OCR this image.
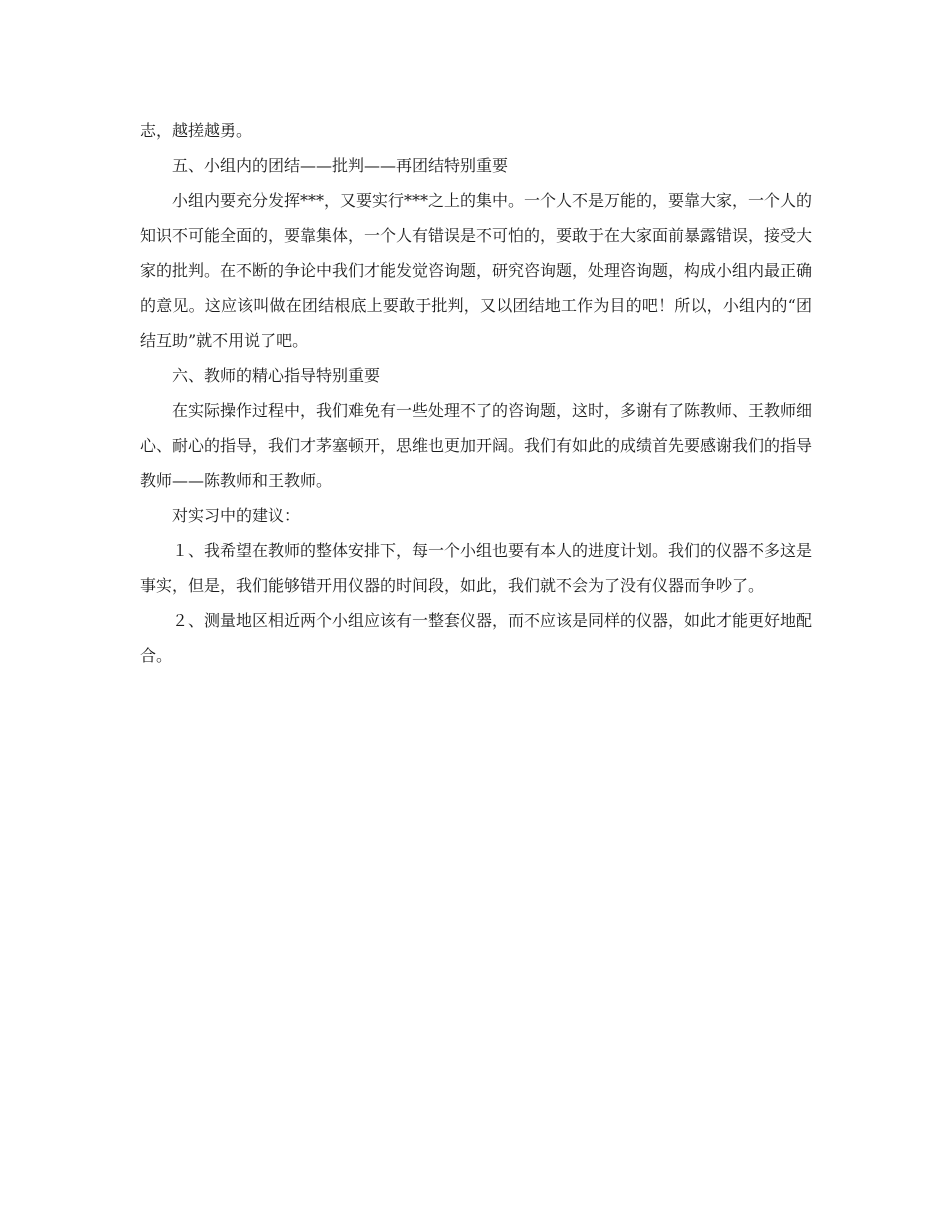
志，越搓越勇。

五、小组内的团结——批判——再团结特别重要

小组内要充分发挥***，又要实行***之上的集中。一个人不是万能的，要靠大家，一个人的知识不可能全面的，要靠集体，一个人有错误是不可怕的，要敢于在大家面前暴露错误，接受大家的批判。在不断的争论中我们才能发觉咨询题，研究咨询题，处理咨询题，构成小组内最正确的意见。这应该叫做在团结根底上要敢于批判，又以团结地工作为目的吧！所以，小组内的“团结互助”就不用说了吧。

六、教师的精心指导特别重要

在实际操作过程中，我们难免有一些处理不了的咨询题，这时，多谢有了陈教师、王教师细心、耐心的指导，我们才茅塞顿开，思维也更加开阔。我们有如此的成绩首先要感谢我们的指导教师——陈教师和王教师。

对实习中的建议：

１、我希望在教师的整体安排下，每一个小组也要有本人的进度计划。我们的仪器不多这是事实，但是，我们能够错开用仪器的时间段，如此，我们就不会为了没有仪器而争吵了。

２、测量地区相近两个小组应该有一整套仪器，而不应该是同样的仪器，如此才能更好地配合。
